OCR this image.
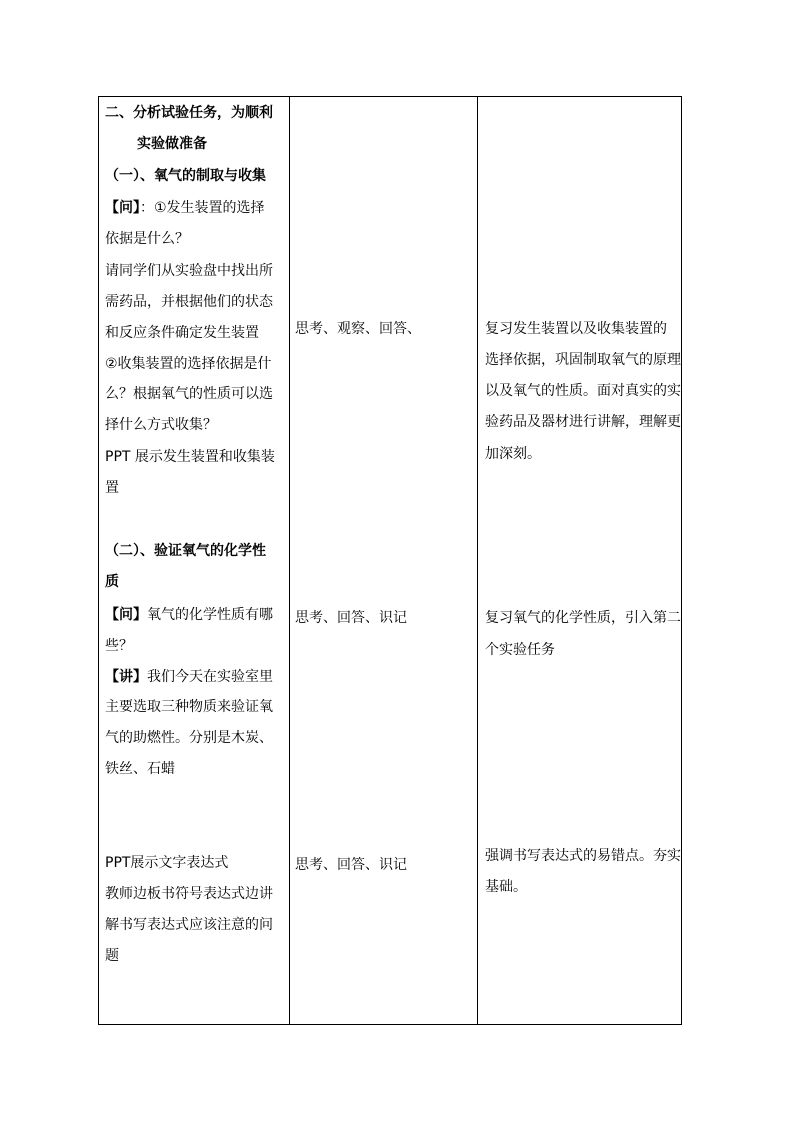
二、分析试验任务，为顺利
实验做准备
（一）、氧气的制取与收集
【问】：①发生装置的选择
依据是什么？
请同学们从实验盘中找出所
需药品，并根据他们的状态
和反应条件确定发生装置
②收集装置的选择依据是什
么？根据氧气的性质可以选
择什么方式收集？
PPT 展示发生装置和收集装
置
（二）、验证氧气的化学性
质
【问】氧气的化学性质有哪
些？
【讲】我们今天在实验室里
主要选取三种物质来验证氧
气的助燃性。分别是木炭、
铁丝、石蜡
PPT展示文字表达式
教师边板书符号表达式边讲
解书写表达式应该注意的问
题
思考、观察、回答、
思考、回答、识记
思考、回答、识记
复习发生装置以及收集装置的
选择依据，巩固制取氧气的原理
以及氧气的性质。面对真实的实
验药品及器材进行讲解，理解更
加深刻。
复习氧气的化学性质，引入第二
个实验任务
强调书写表达式的易错点。夯实
基础。
